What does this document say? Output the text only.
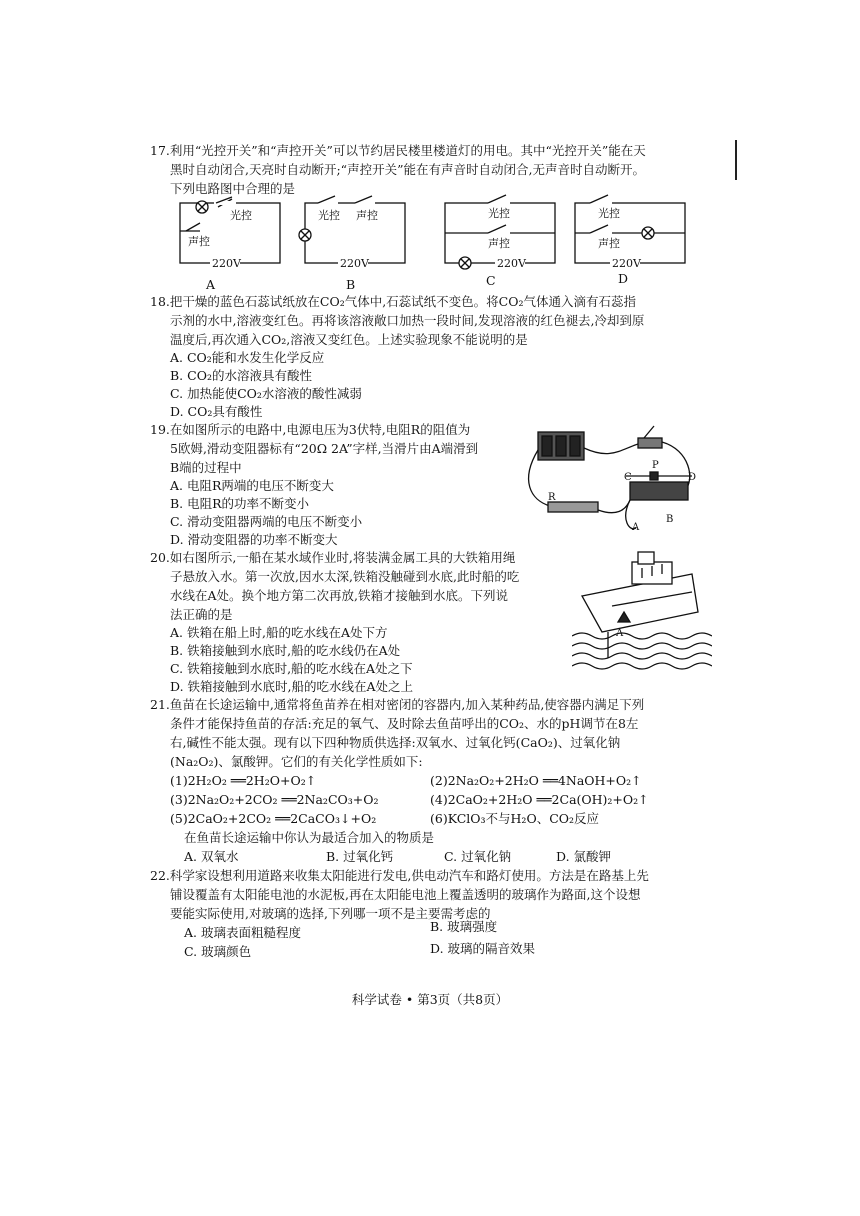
17.利用“光控开关”和“声控开关”可以节约居民楼里楼道灯的用电。其中“光控开关”能在天
黑时自动闭合,天亮时自动断开;“声控开关”能在有声音时自动闭合,无声音时自动断开。
下列电路图中合理的是
光控
声控
光控 声控	光控
声控
光控
声控
220V	220V	220V	220V
A	B	C	D
18.把干燥的蓝色石蕊试纸放在CO₂气体中,石蕊试纸不变色。将CO₂气体通入滴有石蕊指
示剂的水中,溶液变红色。再将该溶液敞口加热一段时间,发现溶液的红色褪去,冷却到原
温度后,再次通入CO₂,溶液又变红色。上述实验现象不能说明的是
A. CO₂能和水发生化学反应
B. CO₂的水溶液具有酸性
C. 加热能使CO₂水溶液的酸性减弱
D. CO₂具有酸性
19.在如图所示的电路中,电源电压为3伏特,电阻R的阻值为
5欧姆,滑动变阻器标有“20Ω 2A”字样,当滑片由A端滑到
B端的过程中
A. 电阻R两端的电压不断变大
B. 电阻R的功率不断变小
C. 滑动变阻器两端的电压不断变小
D. 滑动变阻器的功率不断变大
R
P
C	D
A
B
20.如右图所示,一船在某水域作业时,将装满金属工具的大铁箱用绳
子悬放入水。第一次放,因水太深,铁箱没触碰到水底,此时船的吃
水线在A处。换个地方第二次再放,铁箱才接触到水底。下列说
法正确的是
A. 铁箱在船上时,船的吃水线在A处下方
B. 铁箱接触到水底时,船的吃水线仍在A处
C. 铁箱接触到水底时,船的吃水线在A处之下
D. 铁箱接触到水底时,船的吃水线在A处之上
A
21.鱼苗在长途运输中,通常将鱼苗养在相对密闭的容器内,加入某种药品,使容器内满足下列
条件才能保持鱼苗的存活:充足的氧气、及时除去鱼苗呼出的CO₂、水的pH调节在8左
右,碱性不能太强。现有以下四种物质供选择:双氧水、过氧化钙(CaO₂)、过氧化钠
(Na₂O₂)、氯酸钾。它们的有关化学性质如下:
(1)2H₂O₂ ══2H₂O+O₂↑	(2)2Na₂O₂+2H₂O ══4NaOH+O₂↑
(3)2Na₂O₂+2CO₂ ══2Na₂CO₃+O₂	(4)2CaO₂+2H₂O ══2Ca(OH)₂+O₂↑
(5)2CaO₂+2CO₂ ══2CaCO₃↓+O₂	(6)KClO₃不与H₂O、CO₂反应
在鱼苗长途运输中你认为最适合加入的物质是
A. 双氧水	B. 过氧化钙	C. 过氧化钠	D. 氯酸钾
22.科学家设想利用道路来收集太阳能进行发电,供电动汽车和路灯使用。方法是在路基上先
铺设覆盖有太阳能电池的水泥板,再在太阳能电池上覆盖透明的玻璃作为路面,这个设想
要能实际使用,对玻璃的选择,下列哪一项不是主要需考虑的
A. 玻璃表面粗糙程度	B. 玻璃强度
C. 玻璃颜色	D. 玻璃的隔音效果
科学试卷 • 第3页（共8页）
